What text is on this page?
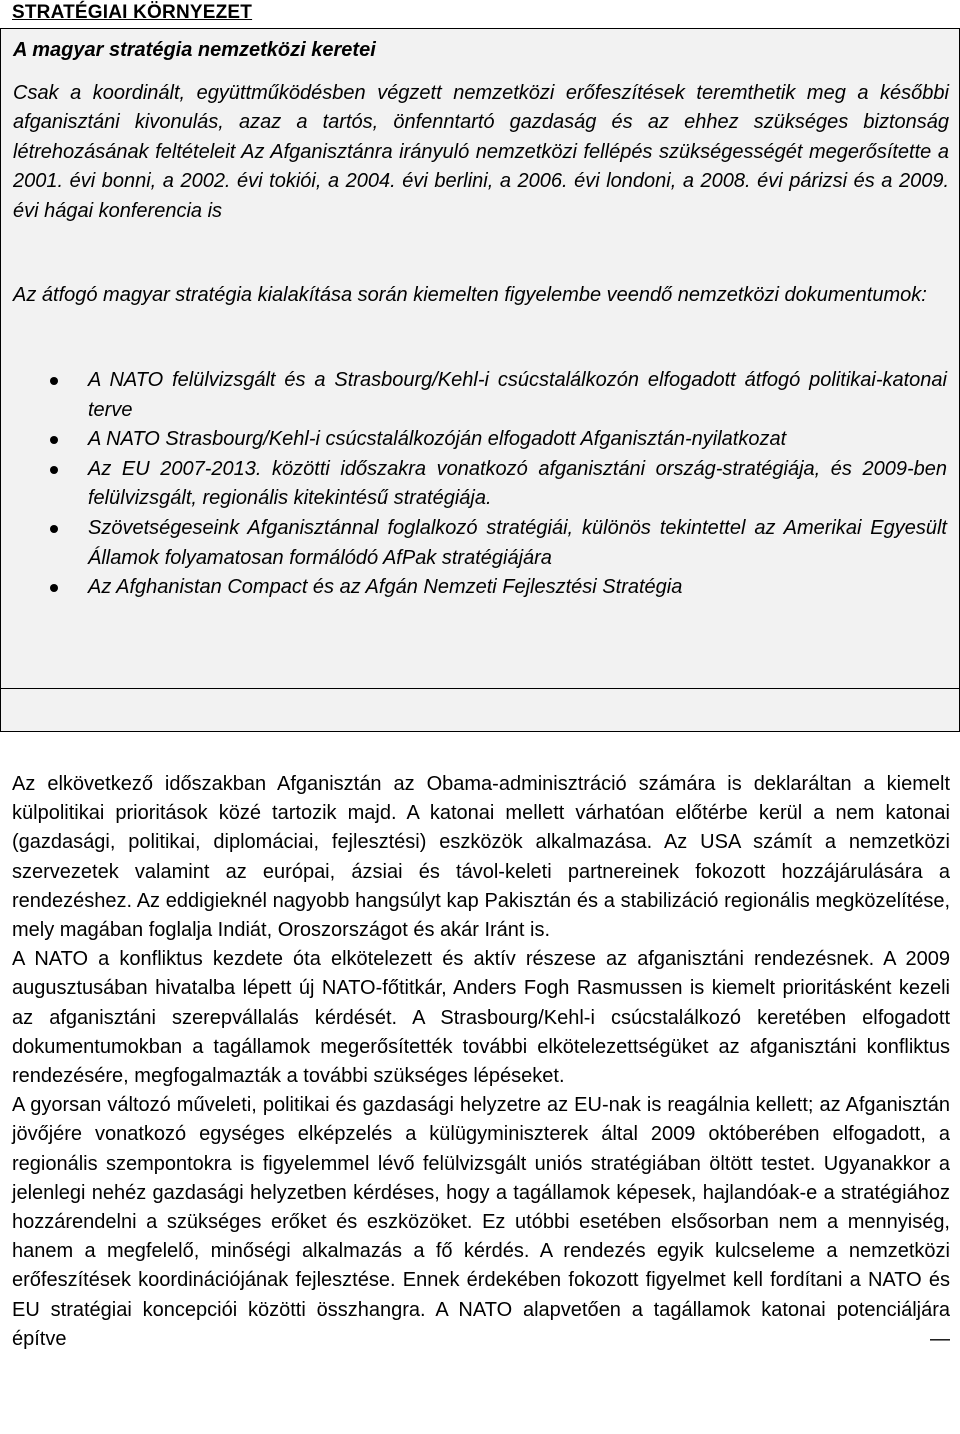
STRATÉGIAI KÖRNYEZET
A magyar stratégia nemzetközi keretei
Csak a koordinált, együttműködésben végzett nemzetközi erőfeszítések teremthetik meg a későbbi afganisztáni kivonulás, azaz a tartós, önfenntartó gazdaság és az ehhez szükséges biztonság létrehozásának feltételeit Az Afganisztánra irányuló nemzetközi fellépés szükségességét megerősítette a 2001. évi bonni, a 2002. évi tokiói, a 2004. évi berlini, a 2006. évi londoni, a 2008. évi párizsi és a 2009. évi hágai konferencia is
Az átfogó magyar stratégia kialakítása során kiemelten figyelembe veendő nemzetközi dokumentumok:
A NATO felülvizsgált és a Strasbourg/Kehl-i csúcstalálkozón elfogadott átfogó politikai-katonai terve
A NATO Strasbourg/Kehl-i csúcstalálkozóján elfogadott Afganisztán-nyilatkozat
Az EU 2007-2013. közötti időszakra vonatkozó afganisztáni ország-stratégiája, és 2009-ben felülvizsgált, regionális kitekintésű stratégiája.
Szövetségeseink Afganisztánnal foglalkozó stratégiái, különös tekintettel az Amerikai Egyesült Államok folyamatosan formálódó AfPak stratégiájára
Az Afghanistan Compact és az Afgán Nemzeti Fejlesztési Stratégia

Az elkövetkező időszakban Afganisztán az Obama-adminisztráció számára is deklaráltan a kiemelt külpolitikai prioritások közé tartozik majd. A katonai mellett várhatóan előtérbe kerül a nem katonai (gazdasági, politikai, diplomáciai, fejlesztési) eszközök alkalmazása. Az USA számít a nemzetközi szervezetek valamint az európai, ázsiai és távol-keleti partnereinek fokozott hozzájárulására a rendezéshez. Az eddigieknél nagyobb hangsúlyt kap Pakisztán és a stabilizáció regionális megközelítése, mely magában foglalja Indiát, Oroszországot és akár Iránt is.

A NATO a konfliktus kezdete óta elkötelezett és aktív részese az afganisztáni rendezésnek. A 2009 augusztusában hivatalba lépett új NATO-főtitkár, Anders Fogh Rasmussen is kiemelt prioritásként kezeli az afganisztáni szerepvállalás kérdését. A Strasbourg/Kehl-i csúcstalálkozó keretében elfogadott dokumentumokban a tagállamok megerősítették további elkötelezettségüket az afganisztáni konfliktus rendezésére, megfogalmazták a további szükséges lépéseket.

A gyorsan változó műveleti, politikai és gazdasági helyzetre az EU-nak is reagálnia kellett; az Afganisztán jövőjére vonatkozó egységes elképzelés a külügyminiszterek által 2009 októberében elfogadott, a regionális szempontokra is figyelemmel lévő felülvizsgált uniós stratégiában öltött testet. Ugyanakkor a jelenlegi nehéz gazdasági helyzetben kérdéses, hogy a tagállamok képesek, hajlandóak-e a stratégiához hozzárendelni a szükséges erőket és eszközöket. Ez utóbbi esetében elsősorban nem a mennyiség, hanem a megfelelő, minőségi alkalmazás a fő kérdés. A rendezés egyik kulcseleme a nemzetközi erőfeszítések koordinációjának fejlesztése. Ennek érdekében fokozott figyelmet kell fordítani a NATO és EU stratégiai koncepciói közötti összhangra. A NATO alapvetően a tagállamok katonai potenciáljára építve —
